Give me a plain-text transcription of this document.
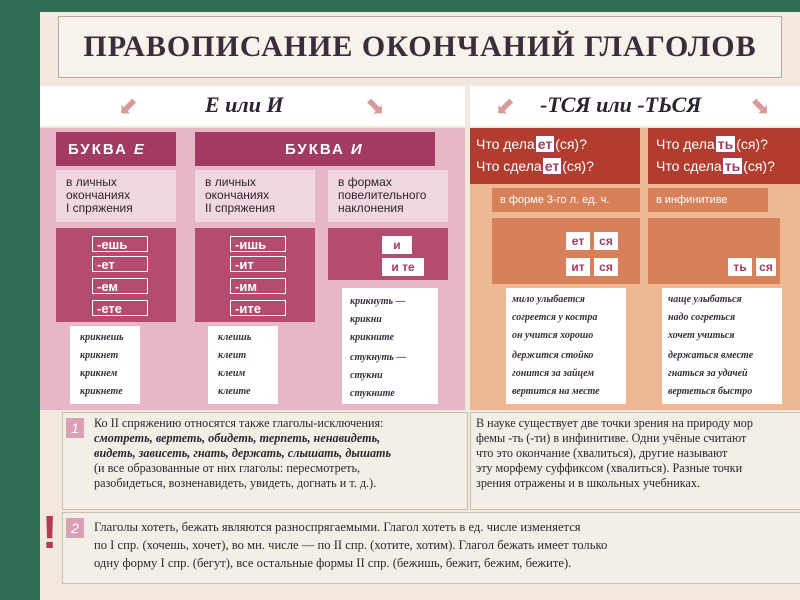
ПРАВОПИСАНИЕ ОКОНЧАНИЙ ГЛАГОЛОВ
⬋	Е или И	⬊	⬋ -ТСЯ или -ТЬСЯ ⬊
БУКВА Е	БУКВА И
в личных
окончаниях
I спряжения
в личных
окончаниях
II спряжения
в формах
повелительного
наклонения
-ешь
-ет
-ем
-ете
-ишь
-ит
-им
-ите
и
и те
крикнешь
крикнет
крикнем
крикнете
клеишь
клеит
клеим
клеите
крикнуть —
крикни
крикните
стукнуть —
стукни
стукните
Что дела ет (ся)?
Что сдела ет (ся)?
Что дела ть (ся)?
Что сдела ть (ся)?
в форме 3-го л. ед. ч.	в инфинитиве
ет	ся
ит	ся	ть	ся
мило улыбается
согреется у костра
он учится хорошо
держится стойко
гонится за зайцем
вертится на месте
чаще улыбаться
надо согреться
хочет учиться
держаться вместе
гнаться за удачей
вертеться быстро
1	Ко II спряжению относятся также глаголы-исключения:
смотреть, вертеть, обидеть, терпеть, ненавидеть,
видеть, зависеть, гнать, держать, слышать, дышать
(и все образованные от них глаголы: пересмотреть,
разобидеться, возненавидеть, увидеть, догнать и т. д.).
В науке существует две точки зрения на природу мор
фемы -ть (-ти) в инфинитиве. Одни учёные считают
что это окончание (хвалиться), другие называют
эту морфему суффиксом (хвалиться). Разные точки
зрения отражены и в школьных учебниках.
! 2	Глаголы хотеть, бежать являются разноспрягаемыми. Глагол хотеть в ед. числе изменяется
по I спр. (хочешь, хочет), во мн. числе — по II спр. (хотите, хотим). Глагол бежать имеет только
одну форму I спр. (бегут), все остальные формы II спр. (бежишь, бежит, бежим, бежите).
